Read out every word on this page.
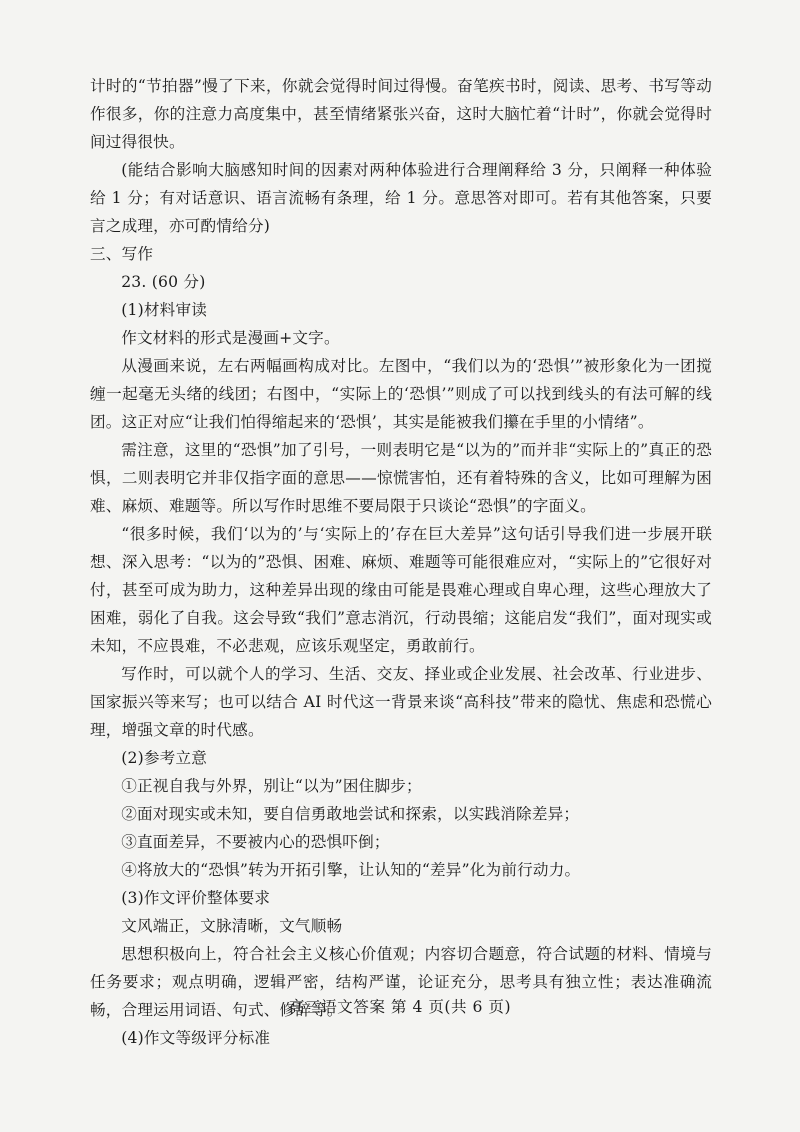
计时的“节拍器”慢了下来，你就会觉得时间过得慢。奋笔疾书时，阅读、思考、书写等动作很多，你的注意力高度集中，甚至情绪紧张兴奋，这时大脑忙着“计时”，你就会觉得时间过得很快。

(能结合影响大脑感知时间的因素对两种体验进行合理阐释给 3 分，只阐释一种体验给 1 分；有对话意识、语言流畅有条理，给 1 分。意思答对即可。若有其他答案，只要言之成理，亦可酌情给分)

三、写作

23. (60 分)

(1)材料审读

作文材料的形式是漫画+文字。

从漫画来说，左右两幅画构成对比。左图中，“我们以为的‘恐惧’”被形象化为一团搅缠一起毫无头绪的线团；右图中，“实际上的‘恐惧’”则成了可以找到线头的有法可解的线团。这正对应“让我们怕得缩起来的‘恐惧’，其实是能被我们攥在手里的小情绪”。

需注意，这里的“恐惧”加了引号，一则表明它是“以为的”而并非“实际上的”真正的恐惧，二则表明它并非仅指字面的意思——惊慌害怕，还有着特殊的含义，比如可理解为困难、麻烦、难题等。所以写作时思维不要局限于只谈论“恐惧”的字面义。

“很多时候，我们‘以为的’与‘实际上的’存在巨大差异”这句话引导我们进一步展开联想、深入思考：“以为的”恐惧、困难、麻烦、难题等可能很难应对，“实际上的”它很好对付，甚至可成为助力，这种差异出现的缘由可能是畏难心理或自卑心理，这些心理放大了困难，弱化了自我。这会导致“我们”意志消沉，行动畏缩；这能启发“我们”，面对现实或未知，不应畏难，不必悲观，应该乐观坚定，勇敢前行。

写作时，可以就个人的学习、生活、交友、择业或企业发展、社会改革、行业进步、国家振兴等来写；也可以结合 AI 时代这一背景来谈“高科技”带来的隐忧、焦虑和恐慌心理，增强文章的时代感。

(2)参考立意

①正视自我与外界，别让“以为”困住脚步；

②面对现实或未知，要自信勇敢地尝试和探索，以实践消除差异；

③直面差异，不要被内心的恐惧吓倒；

④将放大的“恐惧”转为开拓引擎，让认知的“差异”化为前行动力。

(3)作文评价整体要求

文风端正，文脉清晰，文气顺畅

思想积极向上，符合社会主义核心价值观；内容切合题意，符合试题的材料、情境与任务要求；观点明确，逻辑严密，结构严谨，论证充分，思考具有独立性；表达准确流畅，合理运用词语、句式、修辞等。

(4)作文等级评分标准

高三语文答案 第 4 页(共 6 页)
